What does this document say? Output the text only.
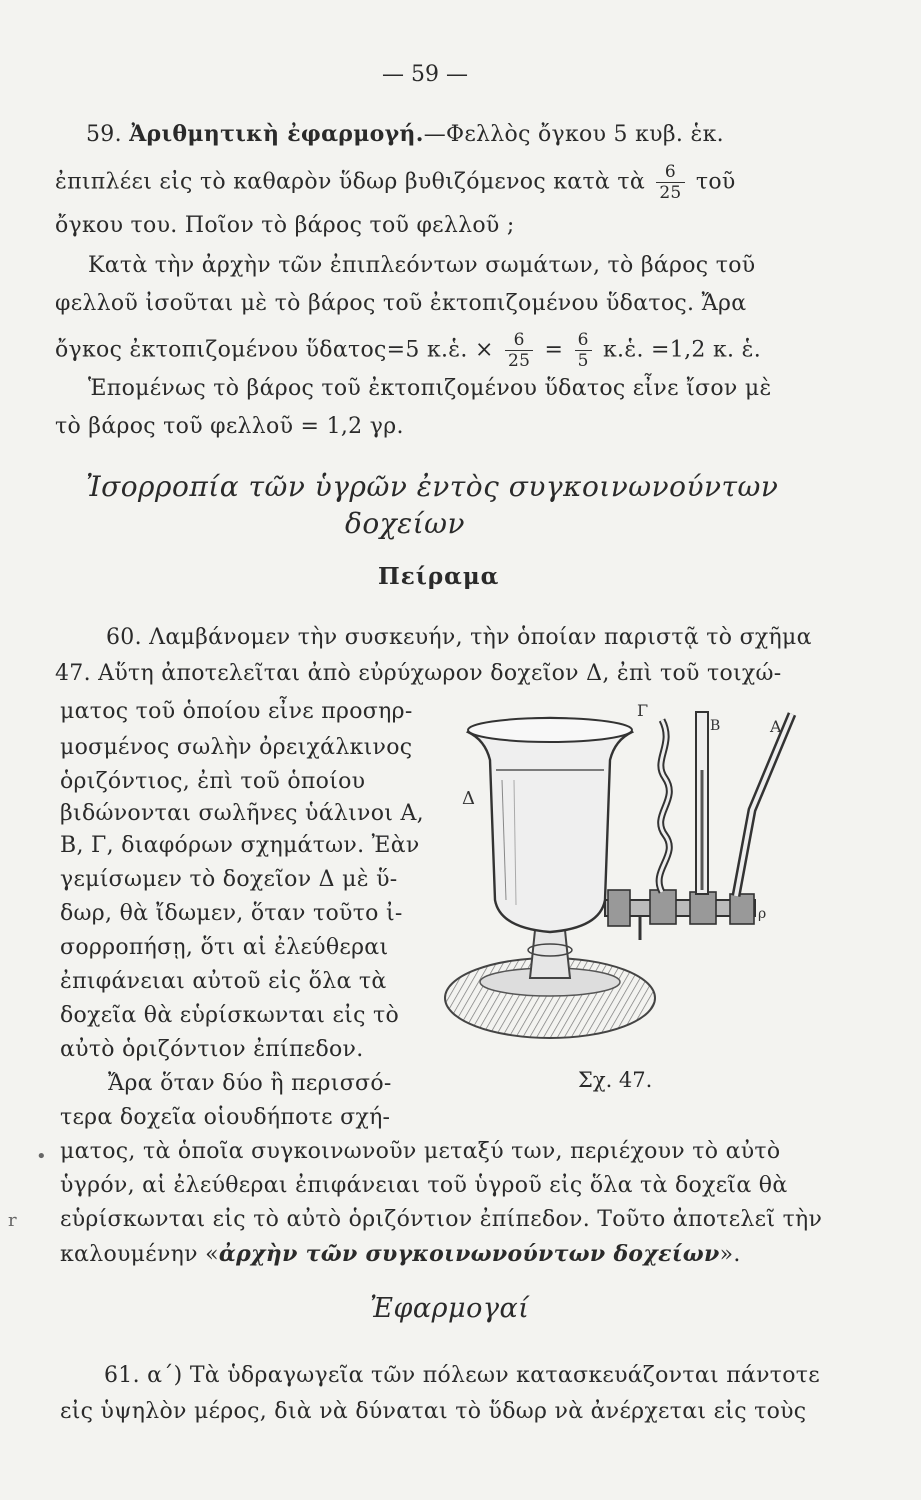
— 59 —
59. Ἀριθμητικὴ ἐφαρμογή.—Φελλὸς ὄγκου 5 κυβ. ἑκ.
ἐπιπλέει εἰς τὸ καθαρὸν ὕδωρ βυθιζόμενος κατὰ τὰ $\frac{6}{25}$ τοῦ
ὄγκου του. Ποῖον τὸ βάρος τοῦ φελλοῦ ;
Κατὰ τὴν ἀρχὴν τῶν ἐπιπλεόντων σωμάτων, τὸ βάρος τοῦ
φελλοῦ ἰσοῦται μὲ τὸ βάρος τοῦ ἐκτοπιζομένου ὕδατος. Ἄρα
ὄγκος ἐκτοπιζομένου ὕδατος=5 κ.ἑ. × $\frac{6}{25} = \frac{6}{5}$ κ.ἑ. =1,2 κ. ἑ.
Ἑπομένως τὸ βάρος τοῦ ἐκτοπιζομένου ὕδατος εἶνε ἴσον μὲ
τὸ βάρος τοῦ φελλοῦ = 1,2 γρ.
Ἰσορροπία τῶν ὑγρῶν ἐντὸς συγκοινωνούντων
δοχείων
Πείραμα
60. Λαμβάνομεν τὴν συσκευήν, τὴν ὁποίαν παριστᾷ τὸ σχῆμα
47. Αὕτη ἀποτελεῖται ἀπὸ εὐρύχωρον δοχεῖον Δ, ἐπὶ τοῦ τοιχώ-
ματος τοῦ ὁποίου εἶνε προσηρ-
μοσμένος σωλὴν ὀρειχάλκινος
ὁριζόντιος, ἐπὶ τοῦ ὁποίου
βιδώνονται σωλῆνες ὑάλινοι Α,
Β, Γ, διαφόρων σχημάτων. Ἐὰν
γεμίσωμεν τὸ δοχεῖον Δ μὲ ὕ-
δωρ, θὰ ἴδωμεν, ὅταν τοῦτο ἰ-
σορροπήσῃ, ὅτι αἱ ἐλεύθεραι
ἐπιφάνειαι αὐτοῦ εἰς ὅλα τὰ
δοχεῖα θὰ εὑρίσκωνται εἰς τὸ
αὐτὸ ὁριζόντιον ἐπίπεδον.
Ἄρα ὅταν δύο ἢ περισσό-
τερα δοχεῖα οἱουδήποτε σχή-
ματος, τὰ ὁποῖα συγκοινωνοῦν μεταξύ των, περιέχουν τὸ αὐτὸ
ὑγρόν, αἱ ἐλεύθεραι ἐπιφάνειαι τοῦ ὑγροῦ εἰς ὅλα τὰ δοχεῖα θὰ
εὑρίσκωνται εἰς τὸ αὐτὸ ὁριζόντιον ἐπίπεδον. Τοῦτο ἀποτελεῖ τὴν
καλουμένην «ἀρχὴν τῶν συγκοινωνούντων δοχείων».
Δ
Γ
Β	Α
ρ
Σχ. 47.
Ἐφαρμογαί
61. α΄) Τὰ ὑδραγωγεῖα τῶν πόλεων κατασκευάζονται πάντοτε
εἰς ὑψηλὸν μέρος, διὰ νὰ δύναται τὸ ὕδωρ νὰ ἀνέρχεται εἰς τοὺς
•
r
